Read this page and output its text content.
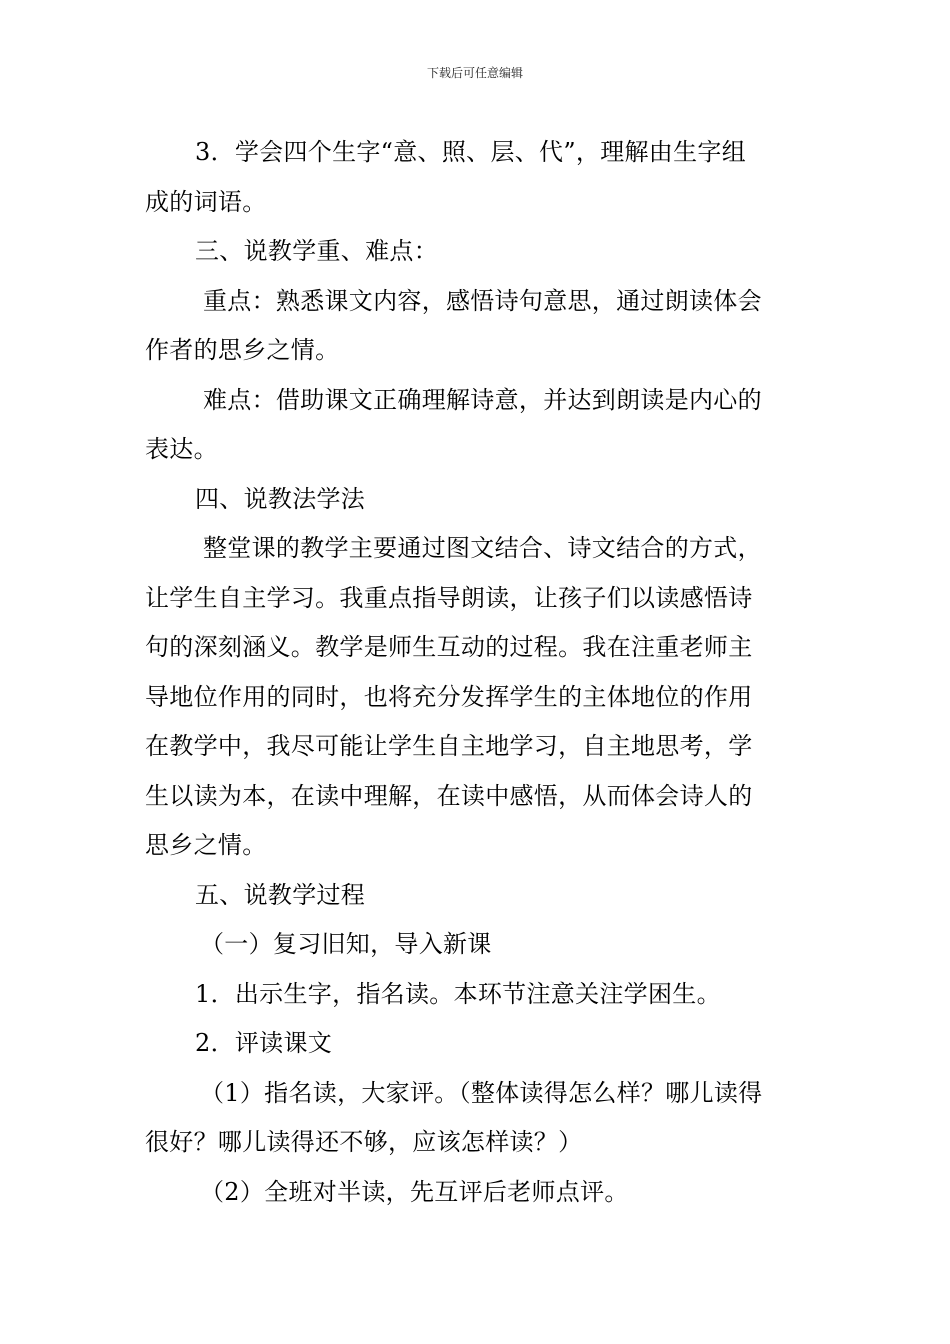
下载后可任意编辑
3．学会四个生字“意、照、层、代”，理解由生字组
成的词语。
三、说教学重、难点：
重点：熟悉课文内容，感悟诗句意思，通过朗读体会
作者的思乡之情。
难点：借助课文正确理解诗意，并达到朗读是内心的
表达。
四、说教法学法
整堂课的教学主要通过图文结合、诗文结合的方式，
让学生自主学习。我重点指导朗读，让孩子们以读感悟诗
句的深刻涵义。教学是师生互动的过程。我在注重老师主
导地位作用的同时，也将充分发挥学生的主体地位的作用
在教学中，我尽可能让学生自主地学习，自主地思考，学
生以读为本，在读中理解，在读中感悟，从而体会诗人的
思乡之情。
五、说教学过程
（一）复习旧知，导入新课
1．出示生字，指名读。本环节注意关注学困生。
2．评读课文
（1）指名读，大家评。（整体读得怎么样？哪儿读得
很好？哪儿读得还不够，应该怎样读？）
（2）全班对半读，先互评后老师点评。
